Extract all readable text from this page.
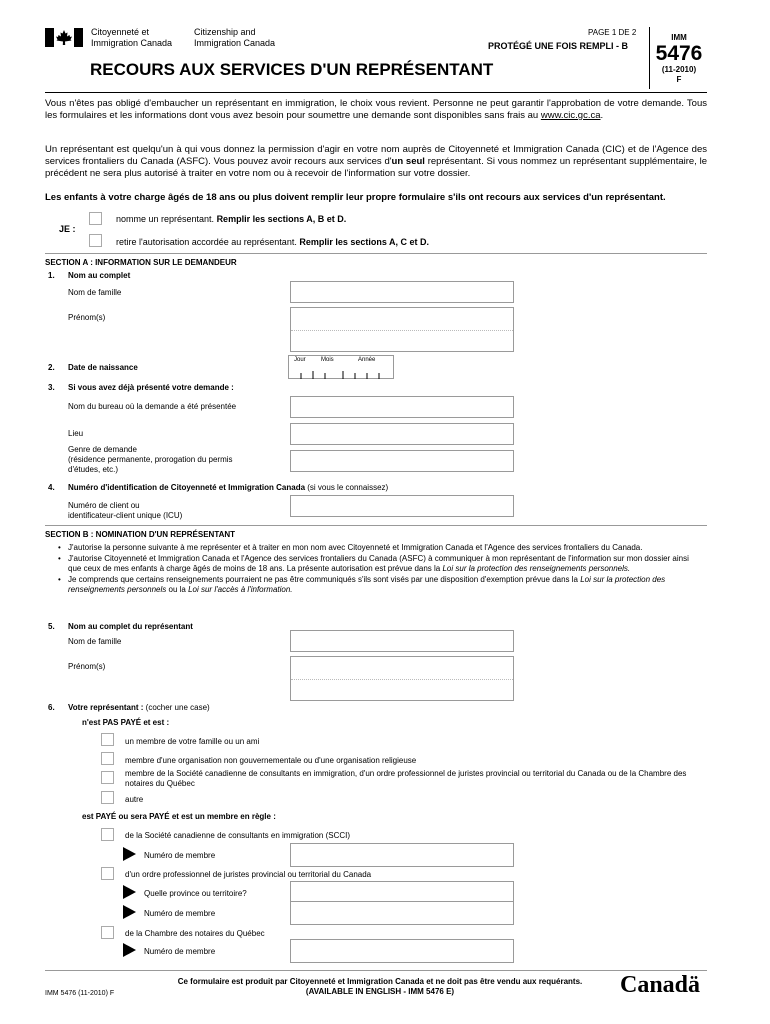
Citoyenneté et
Immigration Canada
Citizenship and
Immigration Canada
PAGE 1 DE 2
PROTÉGÉ UNE FOIS REMPLI - B
IMM
5476
(11-2010)
F
RECOURS AUX SERVICES D'UN REPRÉSENTANT
Vous n'êtes pas obligé d'embaucher un représentant en immigration, le choix vous revient. Personne ne peut garantir l'approbation de votre demande. Tous les formulaires et les informations dont vous avez besoin pour soumettre une demande sont disponibles sans frais au www.cic.gc.ca.
Un représentant est quelqu'un à qui vous donnez la permission d'agir en votre nom auprès de Citoyenneté et Immigration Canada (CIC) et de l'Agence des services frontaliers du Canada (ASFC). Vous pouvez avoir recours aux services d'un seul représentant. Si vous nommez un représentant supplémentaire, le précédent ne sera plus autorisé à traiter en votre nom ou à recevoir de l'information sur votre dossier.
Les enfants à votre charge âgés de 18 ans ou plus doivent remplir leur propre formulaire s'ils ont recours aux services d'un représentant.
JE :
nomme un représentant. Remplir les sections A, B et D.
retire l'autorisation accordée au représentant. Remplir les sections A, C et D.
SECTION A : INFORMATION SUR LE DEMANDEUR
1. Nom au complet
Nom de famille
Prénom(s)
2. Date de naissance
Jour	Mois	Année
3. Si vous avez déjà présenté votre demande :
Nom du bureau où la demande a été présentée
Lieu
Genre de demande
(résidence permanente, prorogation du permis
d'études, etc.)
4. Numéro d'identification de Citoyenneté et Immigration Canada (si vous le connaissez)
Numéro de client ou
identificateur-client unique (ICU)
SECTION B : NOMINATION D'UN REPRÉSENTANT
• J'autorise la personne suivante à me représenter et à traiter en mon nom avec Citoyenneté et Immigration Canada et l'Agence des services frontaliers du Canada.
• J'autorise Citoyenneté et Immigration Canada et l'Agence des services frontaliers du Canada (ASFC) à communiquer à mon représentant de l'information sur mon dossier ainsi que ceux de mes enfants à charge âgés de moins de 18 ans. La présente autorisation est prévue dans la Loi sur la protection des renseignements personnels.
• Je comprends que certains renseignements pourraient ne pas être communiqués s'ils sont visés par une disposition d'exemption prévue dans la Loi sur la protection des renseignements personnels ou la Loi sur l'accès à l'information.
5. Nom au complet du représentant
Nom de famille
Prénom(s)
6. Votre représentant : (cocher une case)
n'est PAS PAYÉ et est :
un membre de votre famille ou un ami
membre d'une organisation non gouvernementale ou d'une organisation religieuse
membre de la Société canadienne de consultants en immigration, d'un ordre professionnel de juristes provincial ou territorial du Canada ou de la Chambre des notaires du Québec
autre
est PAYÉ ou sera PAYÉ et est un membre en règle :
de la Société canadienne de consultants en immigration (SCCI)
Numéro de membre
d'un ordre professionnel de juristes provincial ou territorial du Canada
Quelle province ou territoire?
Numéro de membre
de la Chambre des notaires du Québec
Numéro de membre
IMM 5476 (11-2010) F
Ce formulaire est produit par Citoyenneté et Immigration Canada et ne doit pas être vendu aux requérants.
(AVAILABLE IN ENGLISH - IMM 5476 E)	Canadä
